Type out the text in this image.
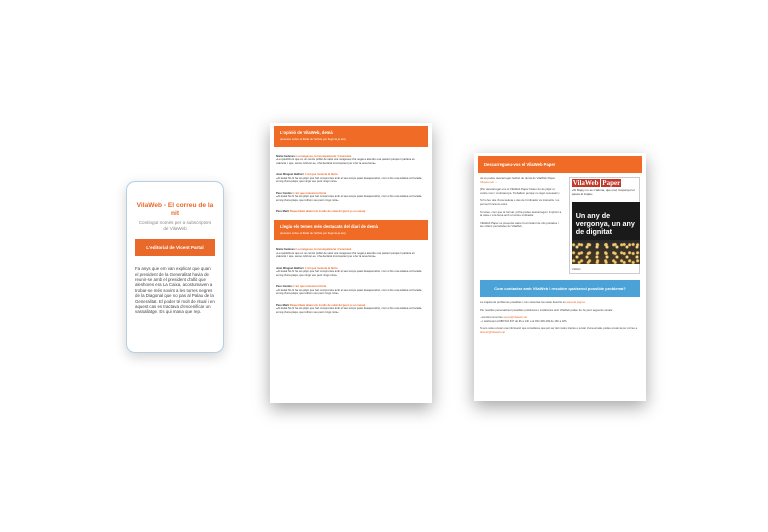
VilaWeb - El correu de la nit
Contingut només per a subscriptors de VilaWeb
L'editorial de Vicent Partal
Fa anys que em van explicar que quan el president de la Generalitat havia de reunir-se amb el president d'allò que aleshores era La Caixa, acostumaven a trobar-se més sovint a les torres negres de la Diagonal que no pas al Palau de la Generalitat. El poder té molt de ritual i en aquest cas es tractava d'escenificar un vassallatge. Es qui mana que rep.
L'opinió de VilaWeb, demà
(accesso sobre el llistat de l'article per llegir-la ja ara)
Núria Cadenes: La metgessa, la incompetència i l'enemiest
«La rpèobliti és que en un centre públic de salut una metgessa s'ha negat a atendre una pacient perquè li parlava en valencià. I que, sense rubricar-se, s'ha declarat incompetent per a fer la seva feina»
Joan Minguet Batllori: L'art que molesta la fàrria
«Al·lèutal No hi ha res pitjor que l'art compromès amb el seu temps passi desapercebut, com si fos una estàtua col·locada enmig d'una plaça, que ningú veu però ningú mira»
Pere Cardús: L'art que molesta la fàrria
«Al·lèutal No hi ha res pitjor que l'art compromès amb el seu temps passi desapercebut, com si fos una estàtua col·locada enmig d'una plaça, que tothom veu però ningú mira»
Pere Martí Paquet Batz abaixi els Jordis de rebel·lió (però jo no menu)
Llegiu els temes més destacats del diari de demà
(accesso sobre el llistat de l'article per llegir-la ja ara)
Núria Cadenes: La metgessa, la incompetència i l'enemiest
«La rpèobliti és que en un centre públic de salut una metgessa s'ha negat a atendre una pacient perquè li parlava en valencià. I que, sense rubricar-se, s'ha declarat incompetent per a fer la seva feina»
Joan Minguet Batllori: L'art que molesta la fàrria
«Al·lèutal No hi ha res pitjor que l'art compromès amb el seu temps passi desapercebut, com si fos una estàtua col·locada enmig d'una plaça, que ningú veu però ningú mira»
Pere Cardús: L'art que molesta la fàrria
«Al·lèutal No hi ha res pitjor que l'art compromès amb el seu temps passi desapercebut, com si fos una estàtua col·locada enmig d'una plaça, que tothom veu però ningú mira»
Pere Martí Paquet Batz abaixi els Jordis de rebel·lió (però jo no menu)
«Al·lèutal No hi ha res pitjor que l'art compromès amb el seu temps passi desapercebut, com si fos una estàtua col·locada enmig d'una plaça, que tothom veu però ningú mira»
Descarregueu-vos el VilaWeb Paper

Ja us podeu descarregar l'edició de demà de VilaWeb Paper. Cliqueu ací →

(Per descarregar-vos el VilaWeb Paper bisteu fer de pitjar el vostre nom i contrasenya. Treballem perquè no sigui necessari.)

Si ho feu des d'una tauleta o des de l'ordinador és interactiu i us permet funcions extra.

Si voleu, com que té format, pdf la podeu descarregar i imprimir a la casa o a la feina amb el vostre ordinador.

VilaWeb Paper us presenta cada nit al instant de nits portades i les millors periodistes de VilaWeb.

VilaWeb Paper
«Si Rajoy no se n'adona, que mal, l'espanyol el passa al Jutjat»
Un any de vergonya, un any de dignitat
VilaWeb
Com contactar amb VilaWeb i resoldre qualsevol possible problema?

La majoria de problemes possibles i com solventar-los estan descrits en aquesta pàgina

Per resoldre personalment possibles problemes o incidències amb VilaWeb podeu fer-ho però seguents canals:

- escrivint al correu suport@vilaweb.cat

- o telefonant al 688 544 637 de 9h a 14h o al 934 409 439 de 16h a 18h.

Si ens voleu enviar una informació que considereu que pot ser del nostre interès o enviar d'una errada, podeu enviar-la per correu a director@vilaweb.cat
